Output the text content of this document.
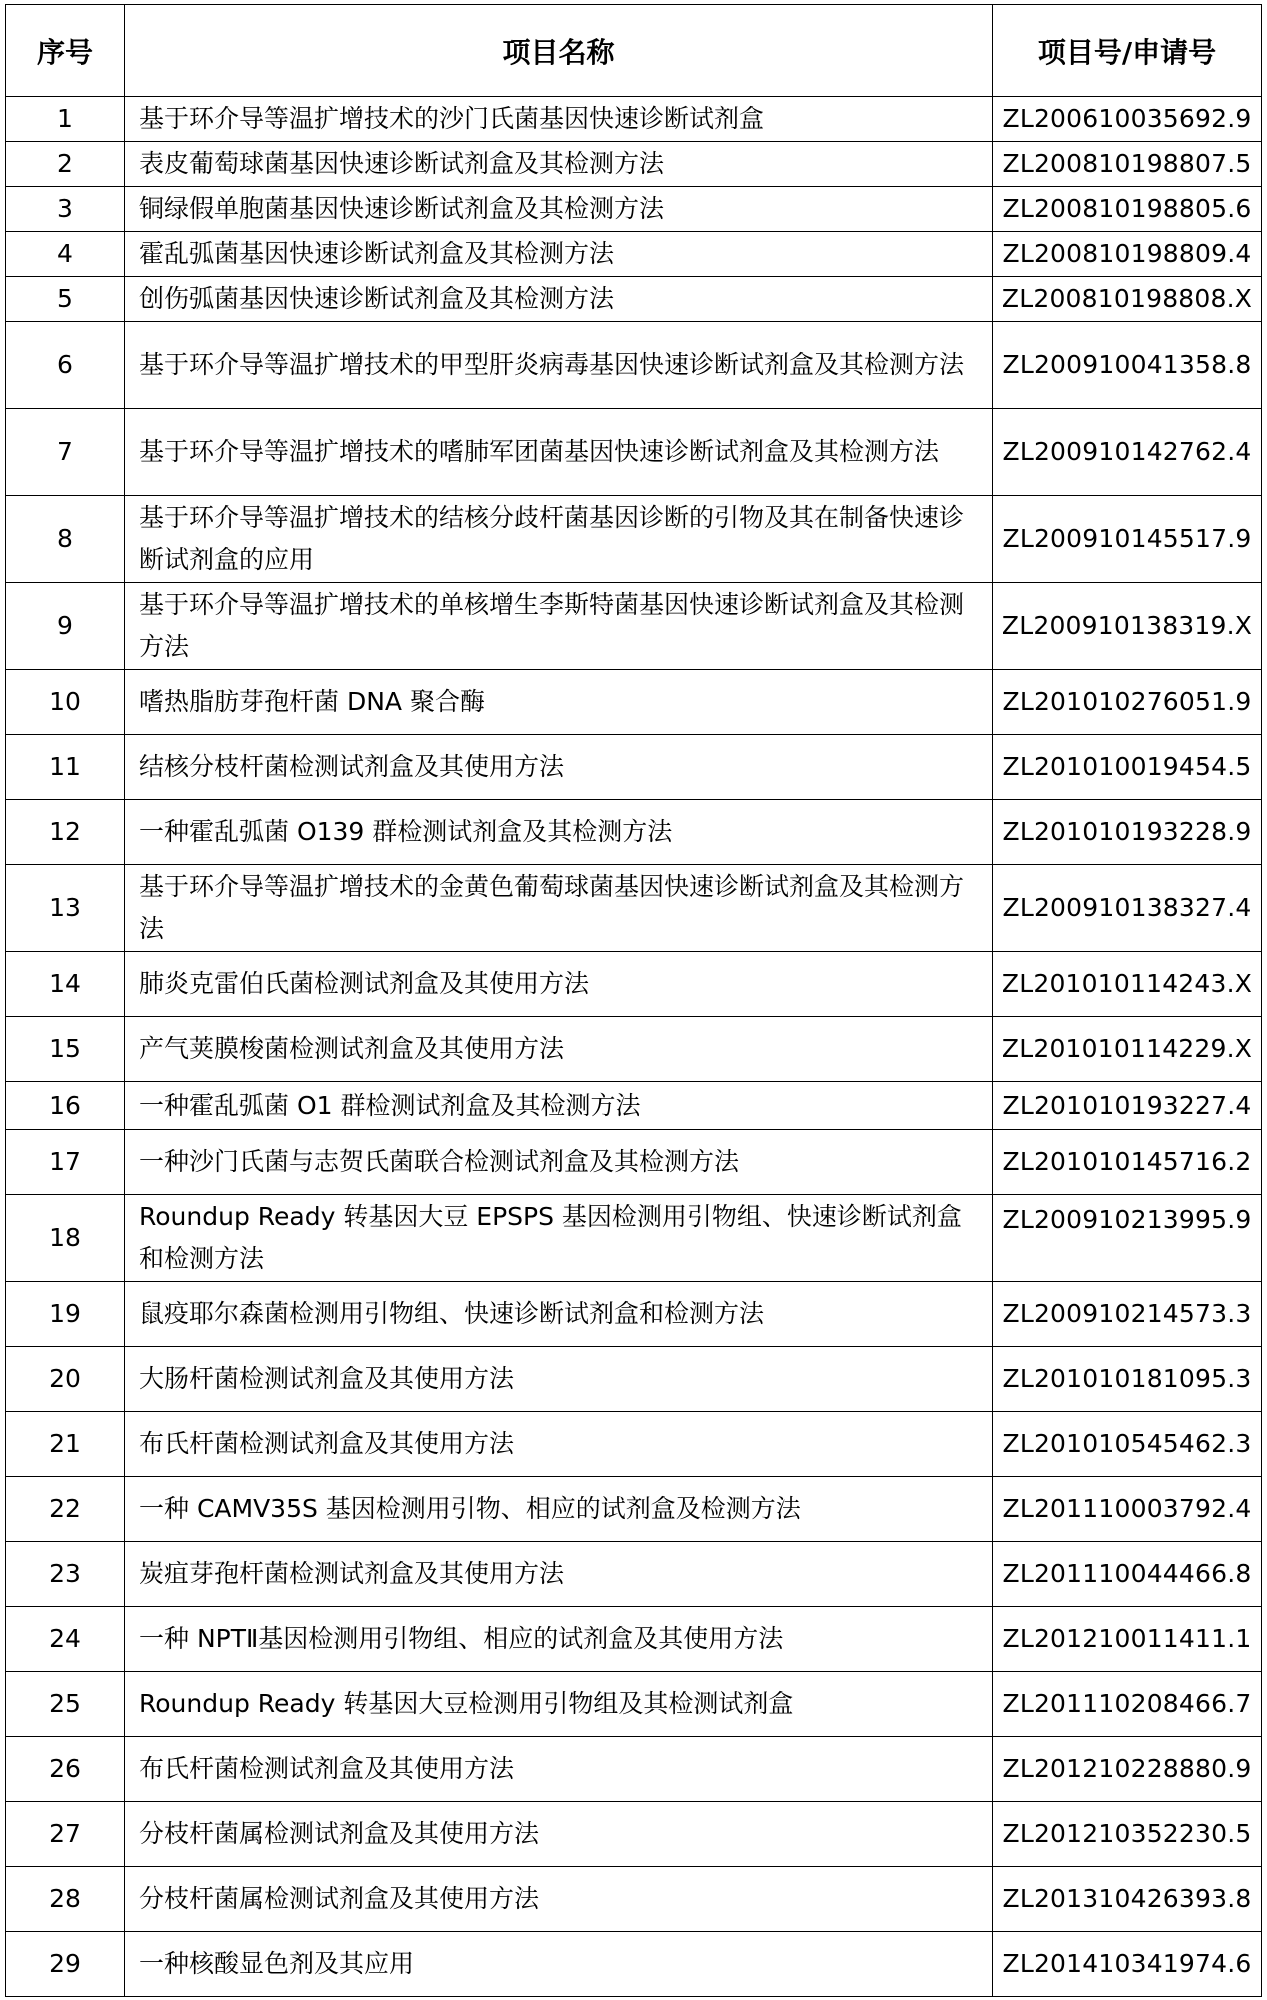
序号	项目名称	项目号/申请号
1	基于环介导等温扩增技术的沙门氏菌基因快速诊断试剂盒	ZL200610035692.9
2	表皮葡萄球菌基因快速诊断试剂盒及其检测方法	ZL200810198807.5
3	铜绿假单胞菌基因快速诊断试剂盒及其检测方法	ZL200810198805.6
4	霍乱弧菌基因快速诊断试剂盒及其检测方法	ZL200810198809.4
5	创伤弧菌基因快速诊断试剂盒及其检测方法	ZL200810198808.X
6	基于环介导等温扩增技术的甲型肝炎病毒基因快速诊断试剂盒及其检测方法	ZL200910041358.8
7	基于环介导等温扩增技术的嗜肺军团菌基因快速诊断试剂盒及其检测方法	ZL200910142762.4
8	基于环介导等温扩增技术的结核分歧杆菌基因诊断的引物及其在制备快速诊断试剂盒的应用	ZL200910145517.9
9	基于环介导等温扩增技术的单核增生李斯特菌基因快速诊断试剂盒及其检测方法	ZL200910138319.X
10	嗜热脂肪芽孢杆菌 DNA 聚合酶	ZL201010276051.9
11	结核分枝杆菌检测试剂盒及其使用方法	ZL201010019454.5
12	一种霍乱弧菌 O139 群检测试剂盒及其检测方法	ZL201010193228.9
13	基于环介导等温扩增技术的金黄色葡萄球菌基因快速诊断试剂盒及其检测方法	ZL200910138327.4
14	肺炎克雷伯氏菌检测试剂盒及其使用方法	ZL201010114243.X
15	产气荚膜梭菌检测试剂盒及其使用方法	ZL201010114229.X
16	一种霍乱弧菌 O1 群检测试剂盒及其检测方法	ZL201010193227.4
17	一种沙门氏菌与志贺氏菌联合检测试剂盒及其检测方法	ZL201010145716.2
18	Roundup Ready 转基因大豆 EPSPS 基因检测用引物组、快速诊断试剂盒和检测方法	ZL200910213995.9
19	鼠疫耶尔森菌检测用引物组、快速诊断试剂盒和检测方法	ZL200910214573.3
20	大肠杆菌检测试剂盒及其使用方法	ZL201010181095.3
21	布氏杆菌检测试剂盒及其使用方法	ZL201010545462.3
22	一种 CAMV35S 基因检测用引物、相应的试剂盒及检测方法	ZL201110003792.4
23	炭疽芽孢杆菌检测试剂盒及其使用方法	ZL201110044466.8
24	一种 NPTⅡ基因检测用引物组、相应的试剂盒及其使用方法	ZL201210011411.1
25	Roundup Ready 转基因大豆检测用引物组及其检测试剂盒	ZL201110208466.7
26	布氏杆菌检测试剂盒及其使用方法	ZL201210228880.9
27	分枝杆菌属检测试剂盒及其使用方法	ZL201210352230.5
28	分枝杆菌属检测试剂盒及其使用方法	ZL201310426393.8
29	一种核酸显色剂及其应用	ZL201410341974.6
